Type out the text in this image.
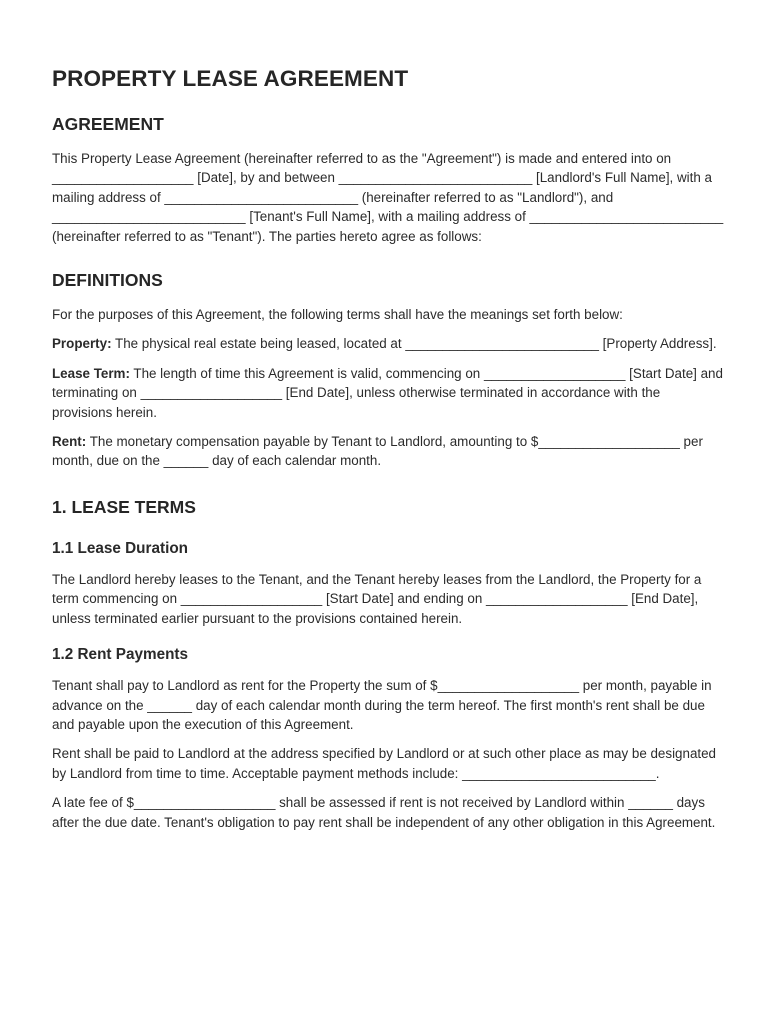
PROPERTY LEASE AGREEMENT
AGREEMENT

This Property Lease Agreement (hereinafter referred to as the "Agreement") is made and entered into on ___________________ [Date], by and between __________________________ [Landlord's Full Name], with a mailing address of __________________________ (hereinafter referred to as "Landlord"), and __________________________ [Tenant's Full Name], with a mailing address of __________________________ (hereinafter referred to as "Tenant"). The parties hereto agree as follows:

DEFINITIONS

For the purposes of this Agreement, the following terms shall have the meanings set forth below:

Property: The physical real estate being leased, located at __________________________ [Property Address].

Lease Term: The length of time this Agreement is valid, commencing on ___________________ [Start Date] and terminating on ___________________ [End Date], unless otherwise terminated in accordance with the provisions herein.

Rent: The monetary compensation payable by Tenant to Landlord, amounting to $___________________ per month, due on the ______ day of each calendar month.

1. LEASE TERMS
1.1 Lease Duration

The Landlord hereby leases to the Tenant, and the Tenant hereby leases from the Landlord, the Property for a term commencing on ___________________ [Start Date] and ending on ___________________ [End Date], unless terminated earlier pursuant to the provisions contained herein.

1.2 Rent Payments

Tenant shall pay to Landlord as rent for the Property the sum of $___________________ per month, payable in advance on the ______ day of each calendar month during the term hereof. The first month's rent shall be due and payable upon the execution of this Agreement.

Rent shall be paid to Landlord at the address specified by Landlord or at such other place as may be designated by Landlord from time to time. Acceptable payment methods include: __________________________.

A late fee of $___________________ shall be assessed if rent is not received by Landlord within ______ days after the due date. Tenant's obligation to pay rent shall be independent of any other obligation in this Agreement.
